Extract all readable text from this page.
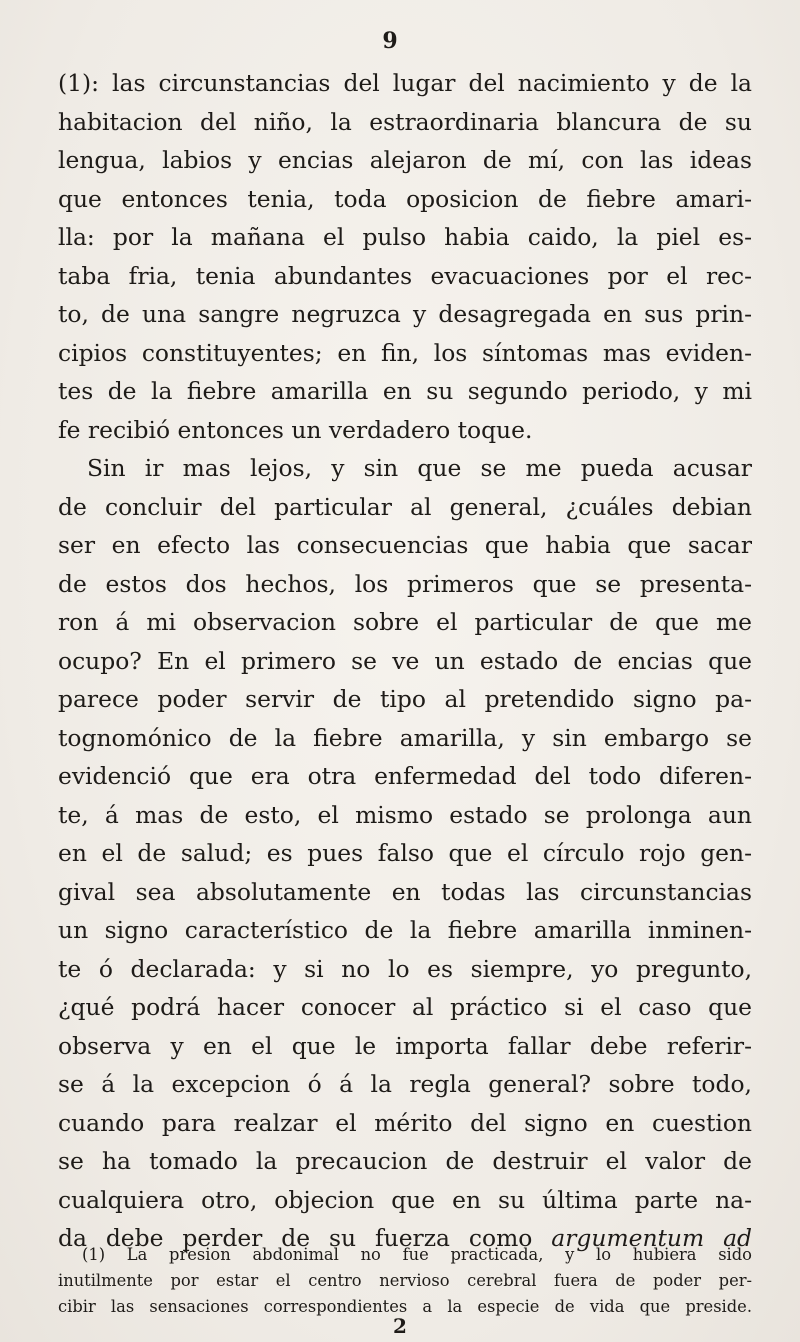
9
(1): las circunstancias del lugar del nacimiento y de la
habitacion del niño, la estraordinaria blancura de su
lengua, labios y encias alejaron de mí, con las ideas
que entonces tenia, toda oposicion de fiebre amari-
lla: por la mañana el pulso habia caido, la piel es-
taba fria, tenia abundantes evacuaciones por el rec-
to, de una sangre negruzca y desagregada en sus prin-
cipios constituyentes; en fin, los síntomas mas eviden-
tes de la fiebre amarilla en su segundo periodo, y mi
fe recibió entonces un verdadero toque.
Sin ir mas lejos, y sin que se me pueda acusar
de concluir del particular al general, ¿cuáles debian
ser en efecto las consecuencias que habia que sacar
de estos dos hechos, los primeros que se presenta-
ron á mi observacion sobre el particular de que me
ocupo? En el primero se ve un estado de encias que
parece poder servir de tipo al pretendido signo pa-
tognomónico de la fiebre amarilla, y sin embargo se
evidenció que era otra enfermedad del todo diferen-
te, á mas de esto, el mismo estado se prolonga aun
en el de salud; es pues falso que el círculo rojo gen-
gival sea absolutamente en todas las circunstancias
un signo característico de la fiebre amarilla inminen-
te ó declarada: y si no lo es siempre, yo pregunto,
¿qué podrá hacer conocer al práctico si el caso que
observa y en el que le importa fallar debe referir-
se á la excepcion ó á la regla general? sobre todo,
cuando para realzar el mérito del signo en cuestion
se ha tomado la precaucion de destruir el valor de
cualquiera otro, objecion que en su última parte na-
da debe perder de su fuerza como argumentum ad
(1) La presion abdonimal no fue practicada, y lo hubiera sido
inutilmente por estar el centro nervioso cerebral fuera de poder per-
cibir las sensaciones correspondientes a la especie de vida que preside.
2
